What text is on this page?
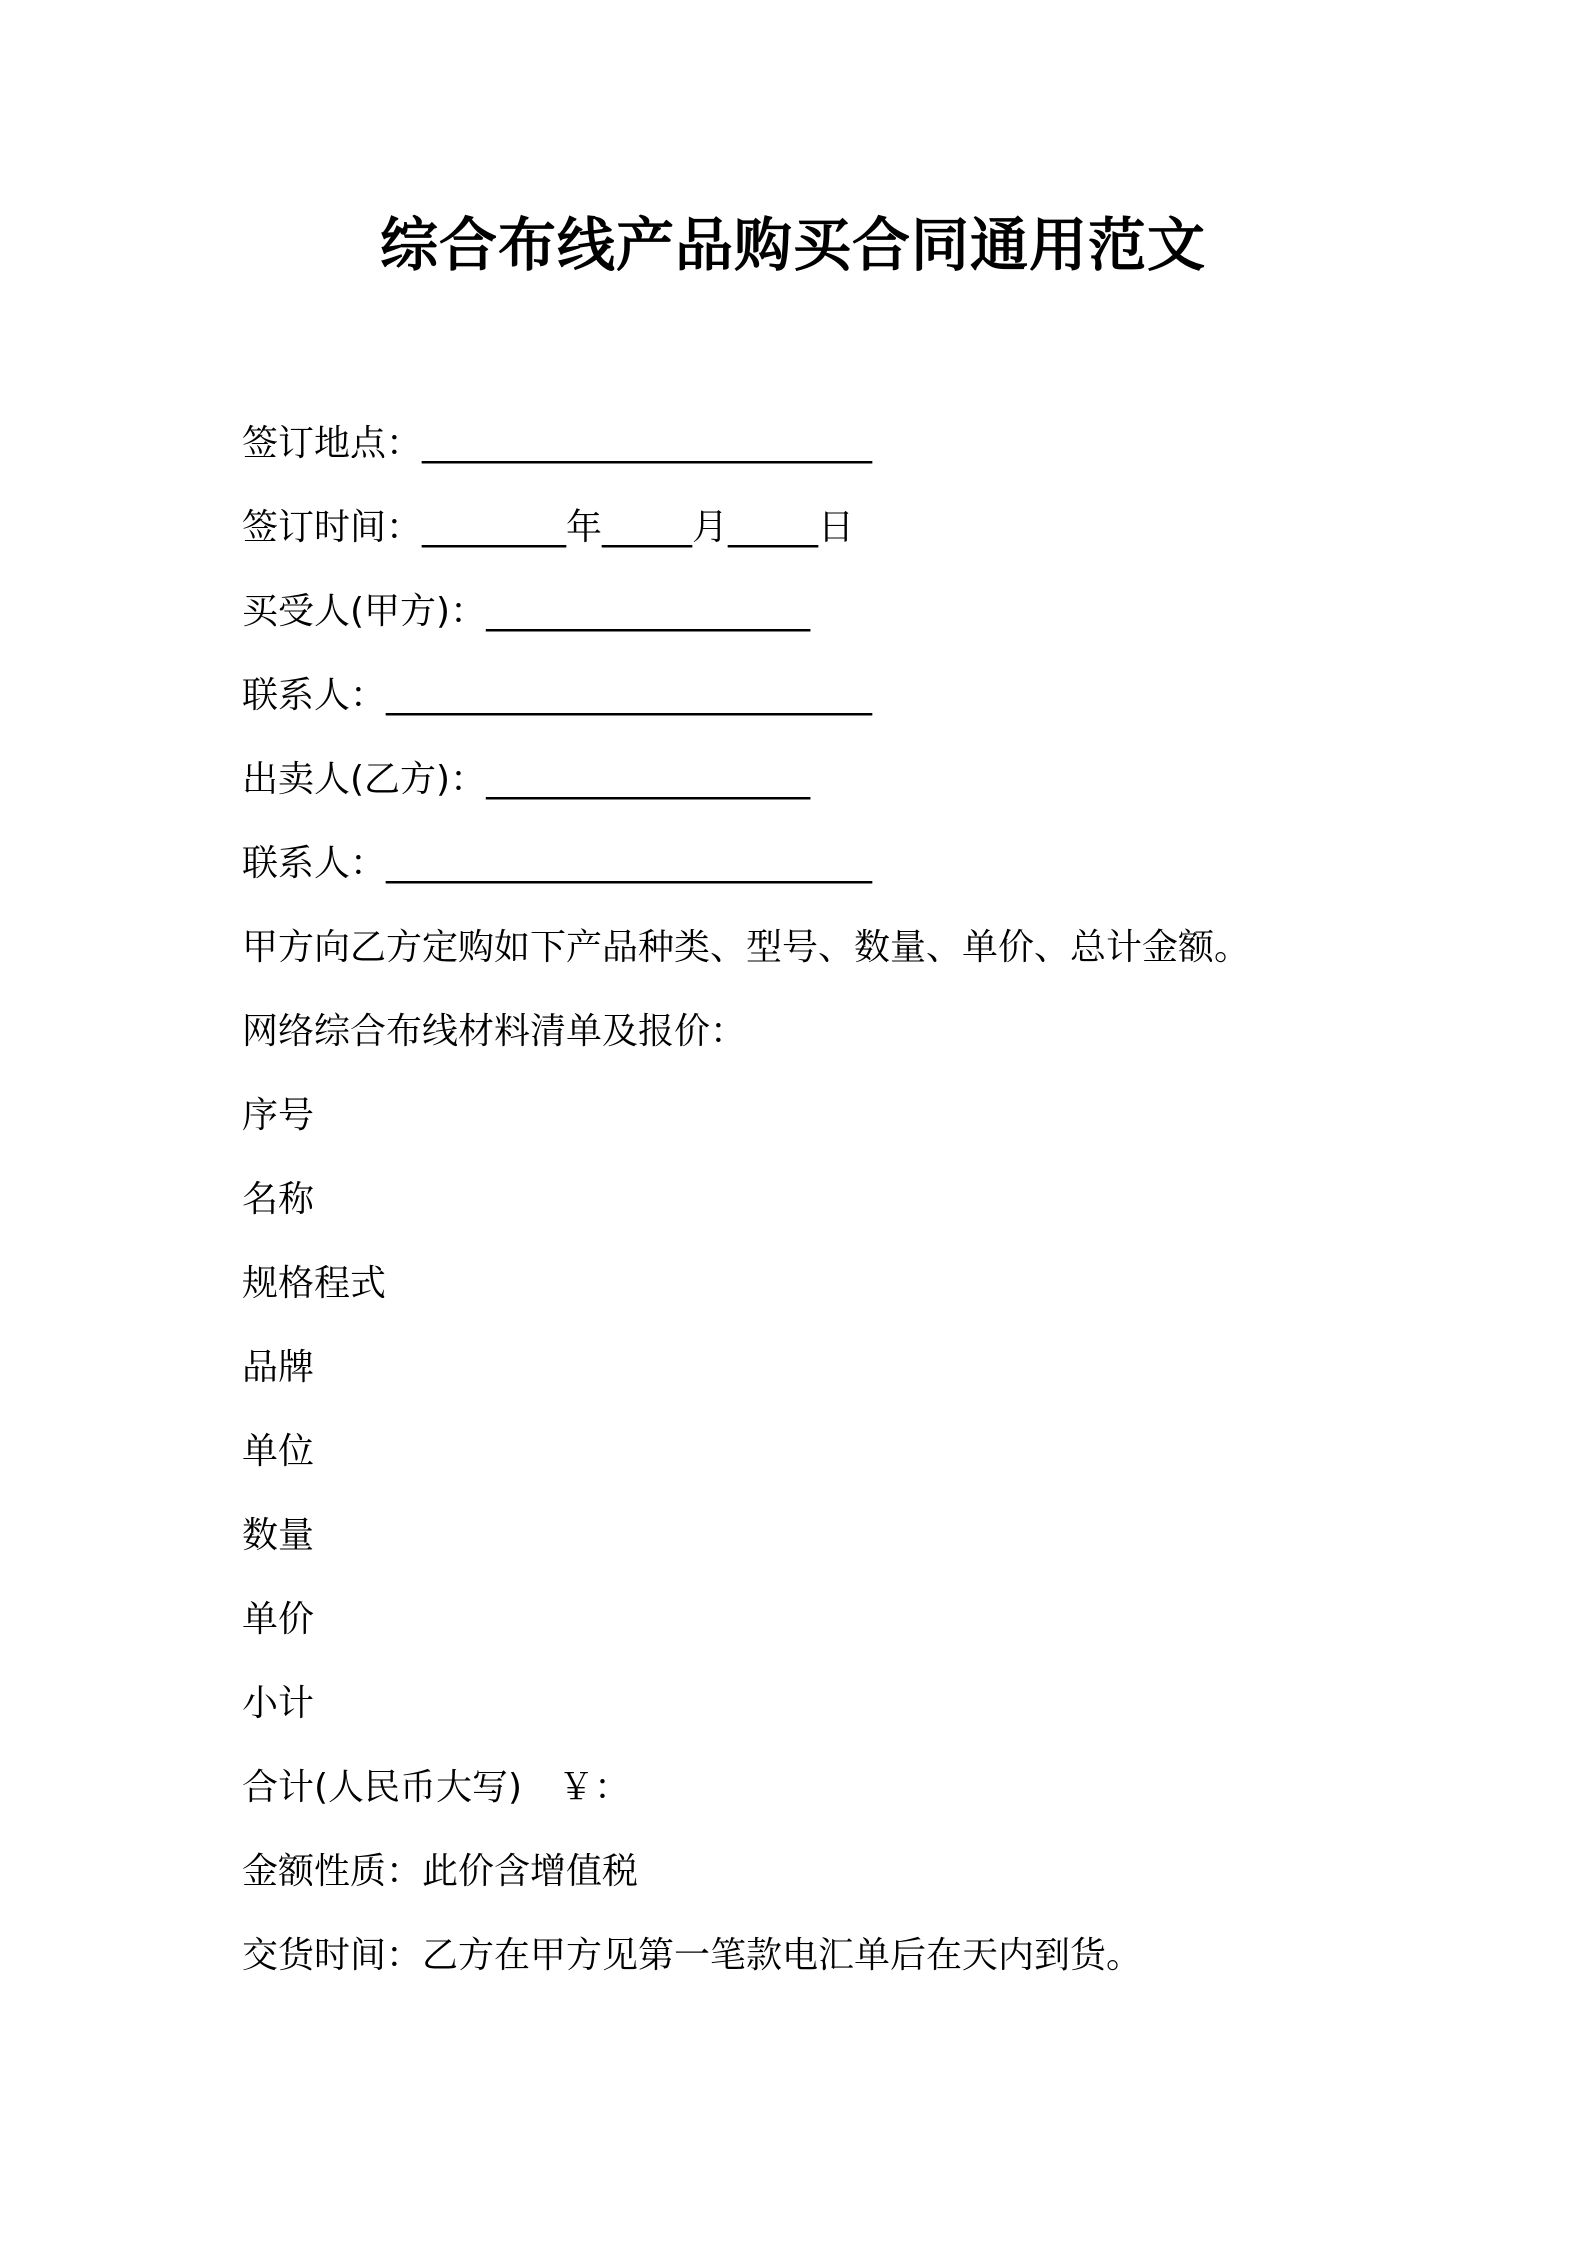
综合布线产品购买合同通用范文
签订地点：_________________________
签订时间：________年_____月_____日
买受人(甲方)：__________________
联系人：___________________________
出卖人(乙方)：__________________
联系人：___________________________
甲方向乙方定购如下产品种类、型号、数量、单价、总计金额。
网络综合布线材料清单及报价：
序号
名称
规格程式
品牌
单位
数量
单价
小计
合计(人民币大写)　￥：
金额性质：此价含增值税
交货时间：乙方在甲方见第一笔款电汇单后在天内到货。
